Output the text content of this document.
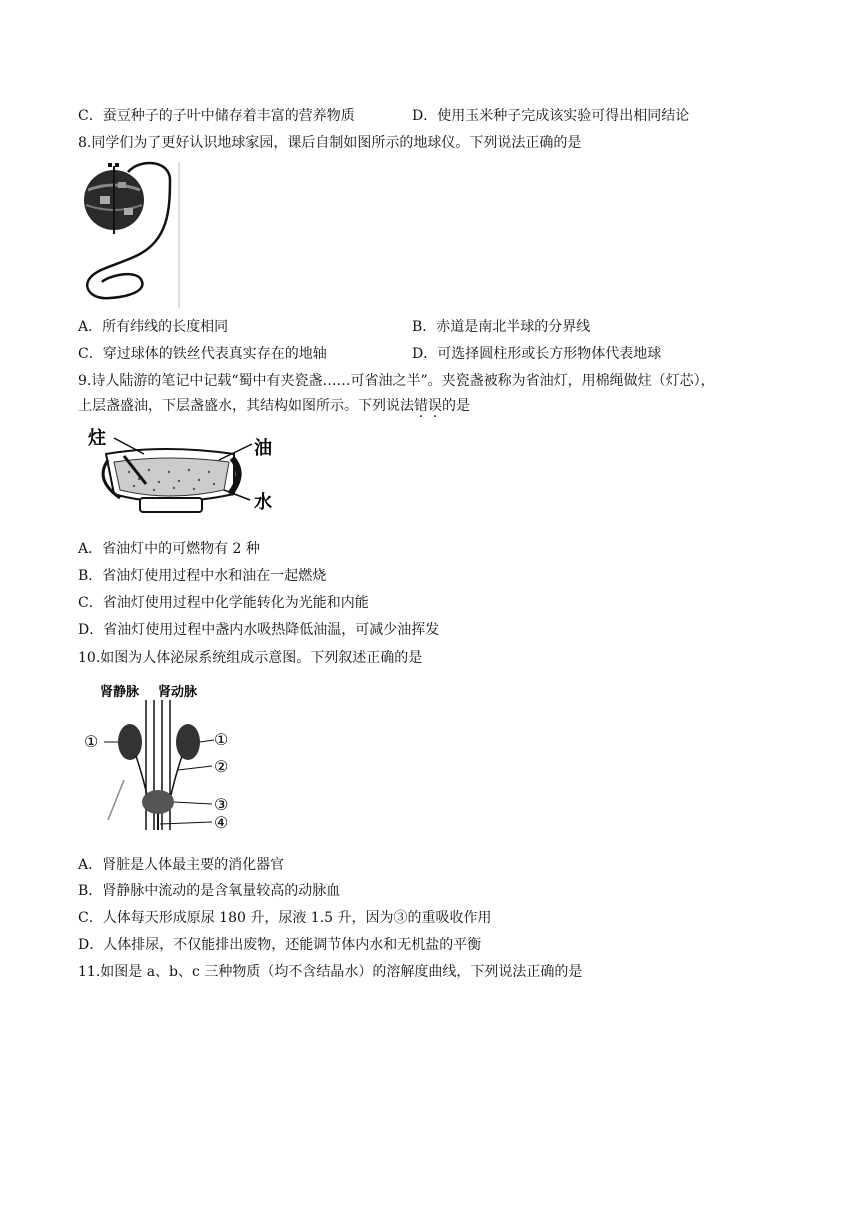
C．蚕豆种子的子叶中储存着丰富的营养物质	D．使用玉米种子完成该实验可得出相同结论
8.同学们为了更好认识地球家园，课后自制如图所示的地球仪。下列说法正确的是
A．所有纬线的长度相同	B．赤道是南北半球的分界线
C．穿过球体的铁丝代表真实存在的地轴	D．可选择圆柱形或长方形物体代表地球
9.诗人陆游的笔记中记载“蜀中有夹瓷盏……可省油之半”。夹瓷盏被称为省油灯，用棉绳做炷（灯芯），
上层盏盛油，下层盏盛水，其结构如图所示。下列说法错误的是
炷	油
水
A．省油灯中的可燃物有 2 种
B．省油灯使用过程中水和油在一起燃烧
C．省油灯使用过程中化学能转化为光能和内能
D．省油灯使用过程中盏内水吸热降低油温，可减少油挥发
10.如图为人体泌尿系统组成示意图。下列叙述正确的是
肾静脉 肾动脉
①	①
②
③
④
A．肾脏是人体最主要的消化器官
B．肾静脉中流动的是含氧量较高的动脉血
C．人体每天形成原尿 180 升，尿液 1.5 升，因为③的重吸收作用
D．人体排尿，不仅能排出废物，还能调节体内水和无机盐的平衡
11.如图是 a、b、c 三种物质（均不含结晶水）的溶解度曲线，下列说法正确的是
